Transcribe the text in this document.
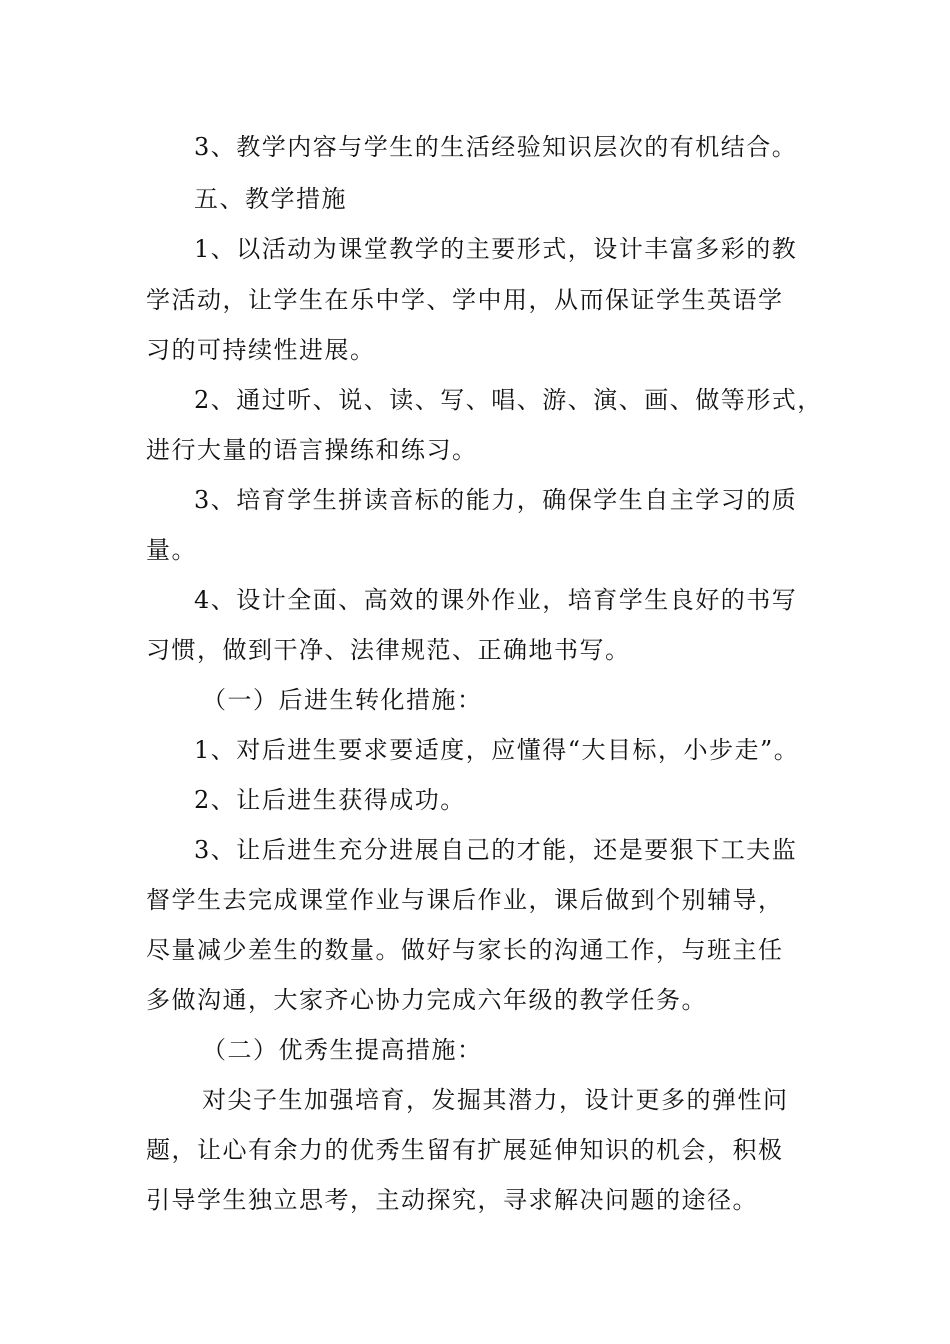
3、教学内容与学生的生活经验知识层次的有机结合。
五、教学措施
1、以活动为课堂教学的主要形式，设计丰富多彩的教
学活动，让学生在乐中学、学中用，从而保证学生英语学
习的可持续性进展。
2、通过听、说、读、写、唱、游、演、画、做等形式，
进行大量的语言操练和练习。
3、培育学生拼读音标的能力，确保学生自主学习的质
量。
4、设计全面、高效的课外作业，培育学生良好的书写
习惯，做到干净、法律规范、正确地书写。
（一）后进生转化措施：
1、对后进生要求要适度，应懂得“大目标，小步走”。
2、让后进生获得成功。
3、让后进生充分进展自己的才能，还是要狠下工夫监
督学生去完成课堂作业与课后作业，课后做到个别辅导，
尽量减少差生的数量。做好与家长的沟通工作，与班主任
多做沟通，大家齐心协力完成六年级的教学任务。
（二）优秀生提高措施：
对尖子生加强培育，发掘其潜力，设计更多的弹性问
题，让心有余力的优秀生留有扩展延伸知识的机会，积极
引导学生独立思考，主动探究，寻求解决问题的途径。
